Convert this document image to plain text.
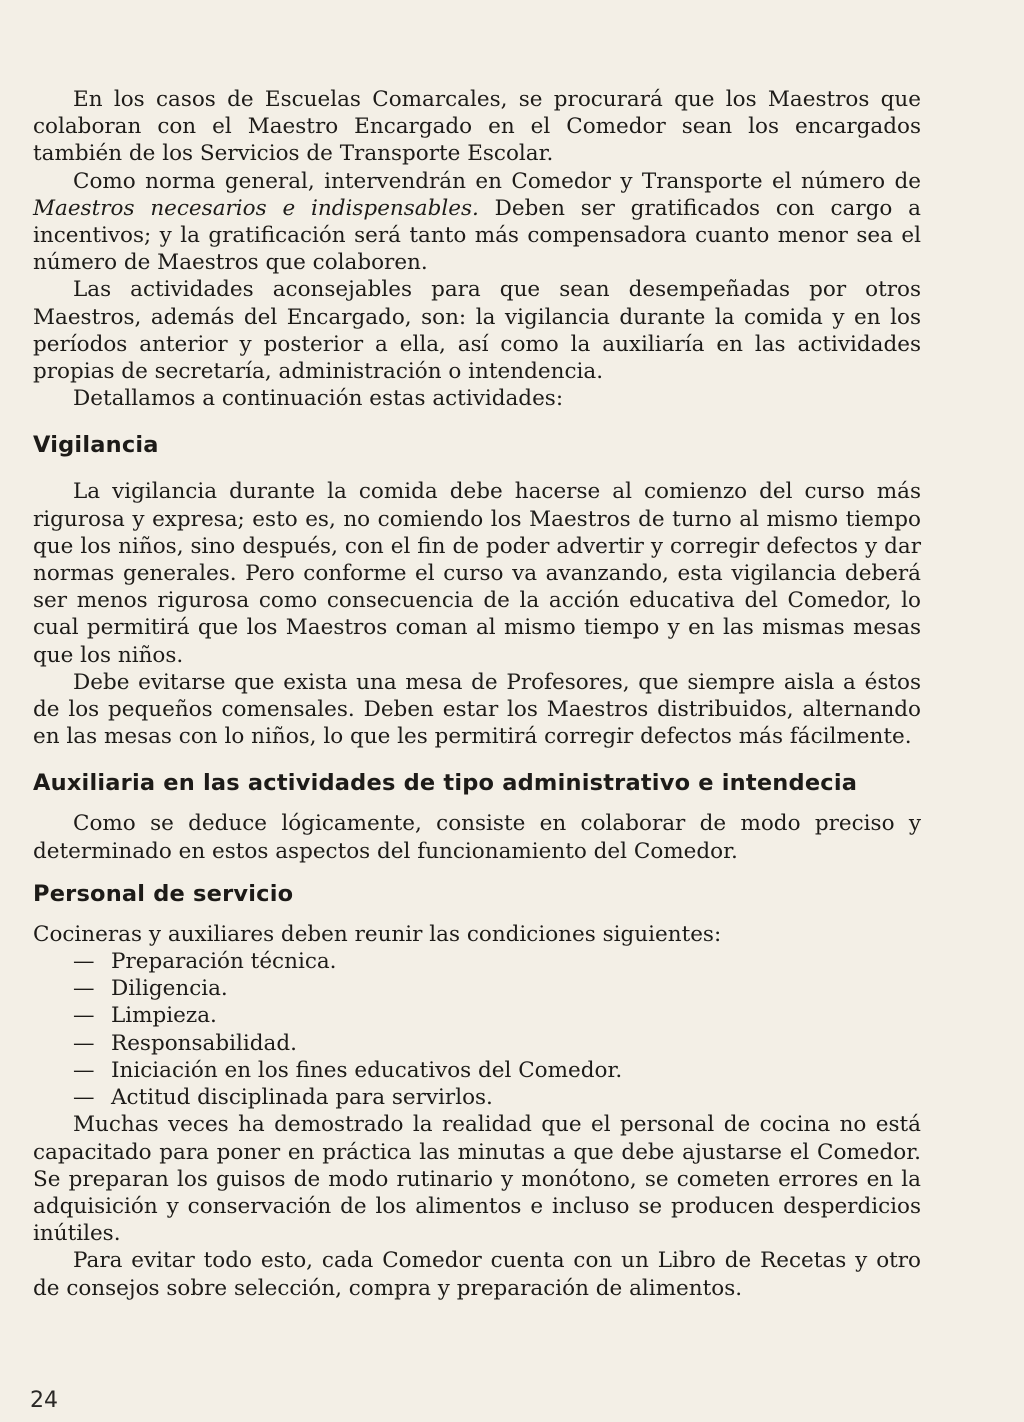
En los casos de Escuelas Comarcales, se procurará que los Maestros que colaboran con el Maestro Encargado en el Comedor sean los encargados también de los Servicios de Transporte Escolar.

Como norma general, intervendrán en Comedor y Transporte el número de Maestros necesarios e indispensables. Deben ser gratificados con cargo a incentivos; y la gratificación será tanto más compensadora cuanto menor sea el número de Maestros que colaboren.

Las actividades aconsejables para que sean desempeñadas por otros Maestros, además del Encargado, son: la vigilancia durante la comida y en los períodos anterior y posterior a ella, así como la auxiliaría en las actividades propias de secretaría, administración o intendencia.

Detallamos a continuación estas actividades:

Vigilancia

La vigilancia durante la comida debe hacerse al comienzo del curso más rigurosa y expresa; esto es, no comiendo los Maestros de turno al mismo tiempo que los niños, sino después, con el fin de poder advertir y corregir defectos y dar normas generales. Pero conforme el curso va avanzando, esta vigilancia deberá ser menos rigurosa como consecuencia de la acción educativa del Comedor, lo cual permitirá que los Maestros coman al mismo tiempo y en las mismas mesas que los niños.

Debe evitarse que exista una mesa de Profesores, que siempre aisla a éstos de los pequeños comensales. Deben estar los Maestros distribuidos, alternando en las mesas con lo niños, lo que les permitirá corregir defectos más fácilmente.

Auxiliaria en las actividades de tipo administrativo e intendecia

Como se deduce lógicamente, consiste en colaborar de modo preciso y determinado en estos aspectos del funcionamiento del Comedor.

Personal de servicio

Cocineras y auxiliares deben reunir las condiciones siguientes:

— Preparación técnica.
— Diligencia.
— Limpieza.
— Responsabilidad.
— Iniciación en los fines educativos del Comedor.
— Actitud disciplinada para servirlos.

Muchas veces ha demostrado la realidad que el personal de cocina no está capacitado para poner en práctica las minutas a que debe ajustarse el Comedor. Se preparan los guisos de modo rutinario y monótono, se cometen errores en la adquisición y conservación de los alimentos e incluso se producen desperdicios inútiles.

Para evitar todo esto, cada Comedor cuenta con un Libro de Recetas y otro de consejos sobre selección, compra y preparación de alimentos.

24
